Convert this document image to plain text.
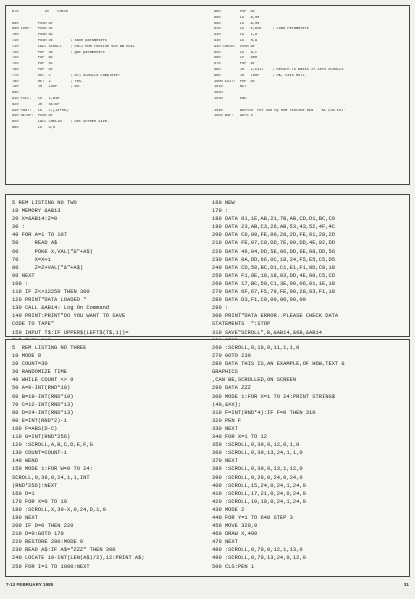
670            JR    CHECK
680         PUSH AF
690 LOOP:   PUSH HL
700         PUSH BC
710         PUSH DE        ; save parameters
720         CALL SCROLL    ; call ROM routine SCR BW ROLL
730         POP  DE        ; get parameters
740         POP  BC
750         POP  HL
760         POP  AF
770         DEC  C         ; All SCROLLS Complete?
780         RET  Z         ; Yes.
790         JR   LOOP      ; NO.
800
810 FULL:   LD   C,B1H
820         JR   SETUP
830 PART:   LD   C,(IX+00)
840 SETUP:  PUSH AF
850         CALL CHKLIN    ; Get Screen Size.
860         LD   D,0
880         POP  BC
890         LD   A,00
900         LD   A,00
910         LD   E,B1H     ; Load Parameters
920         LD   L,A
930         LD   H,A
940 CHECK:  PUSH AF
950         LD   A,C
960         CP   A00
970         POP  AF
980         JR   Z,EXIT    ; Return To Basic If Zero SCROLLS
990         JR   LOOP      ; OK, Lets Roll.
1000 EXIT:  POP  AF
1010        RET
1020
1030        END
1040        BUFFER  for use by ROM routine REN   'KL LOG EXT'
1050 BUF:   DEFS 4
5 REM LISTING NO TWO
10 MEMORY &AB13
20 X=&AB14:Z=0
30 :
40 FOR A=1 TO 107
50     READ A$
60     POKE X,VAL("&"+A$)
70     X=X+1
80     Z=Z+VAL("&"+A$)
90 NEXT
100 :
110 IF Z<>12250 THEN 300
120 PRINT"DATA LOADED "
130 CALL &AB14: Log On Command
140 PRINT:PRINT"DO YOU WANT TO SAVE
CODE TO TAPE"
150 INPUT T$:IF UPPER$(LEFT$(T$,1))=
160 NEW
170 :
180 DATA 01,1E,AB,21,7B,AB,CD,D1,BC,C9
190 DATA 23,AB,C3,26,AB,53,43,52,4F,4C
200 DATA C0,00,FE,00,28,2D,FE,01,28,2D
210 DATA FE,07,C0,DD,7E,00,DD,4E,02,DD
220 DATA 46,04,DD,5E,06,DD,6E,08,DD,56
230 DATA 0A,DD,66,0C,18,24,F5,E5,C5,D5
240 DATA CD,50,BC,D1,C1,E1,F1,0D,C8,18
250 DATA F1,0E,19,18,03,DD,4E,00,C5,CD
260 DATA 17,BC,50,C1,3E,00,06,01,1E,18
270 DATA 6F,67,F5,79,FE,00,28,03,F1,18
280 DATA D3,F1,C9,00,00,00,00
290 :
300 PRINT"DATA ERROR..PLEASE CHECK DATA
STATEMENTS  ":STOP
310 SAVE"SCROLL",B,&AB14,&6B,&AB14
5  REM LISTING NO THREE
10 MODE 0
20 COUNT=30
30 RANDOMIZE TIME
40 WHILE COUNT <> 0
50 A=9-INT(RND*10)
60 B=19-INT(RND*10)
70 C=12-INT(RND*13)
80 D=24-INT(RND*13)
90 E=INT(RND*2)-1
100 F=ABS(D-C)
110 G=INT(RND*256)
120 :SCROLL,A,B,C,D,E,F,G
130 COUNT=COUNT-1
140 WEND
150 MODE 1:FOR W=0 TO 24:
SCROLL,0,39,0,24,1,1,INT
(RND*256):NEXT
160 D=1
170 FOR X=0 TO 19
180 :SCROLL,X,39-X,0,24,D,1,0
190 NEXT
200 IF D=0 THEN 220
210 D=0:GOTO 170
220 RESTORE 280:MODE 0
230 READ A$:IF A$="ZZZ" THEN 300
240 LOCATE 10-INT(LEN(A$)/2),12:PRINT A$;
250 FOR I=1 TO 1000:NEXT
260 :SCROLL,0,19,0,11,1,1,0
270 GOTO 230
280 DATA THIS IS,AN EXAMPLE,OF HOW,TEXT &
GRAPHICS
,CAN BE,SCROLLED,ON SCREEN
290 DATA ZZZ
300 MODE 1:FOR X=1 TO 24:PRINT STRING$
(40,&#X);
310 F=INT(RND*4):IF F=0 THEN 310
320 PEN F
330 NEXT
340 FOR X=1 TO 12
350 :SCROLL,0,39,0,12,0,1,0
360 :SCROLL,0,39,13,24,1,1,0
370 NEXT
380 :SCROLL,0,39,0,13,1,12,0
390 :SCROLL,9,29,0,24,0,24,0
400 :SCROLL,15,24,0,24,1,24,0
410 :SCROLL,17,21,0,24,0,24,0
420 :SCROLL,19,19,0,24,1,24,0
430 MODE 2
440 FOR Y=1 TO 640 STEP 3
450 MOVE 320,0
460 DRAW X,400
470 NEXT
480 :SCROLL,0,79,0,12,1,13,0
490 :SCROLL,0,79,13,24,0,12,0
500 CLS:PEN 1
7-13 FEBRUARY 1985	31
